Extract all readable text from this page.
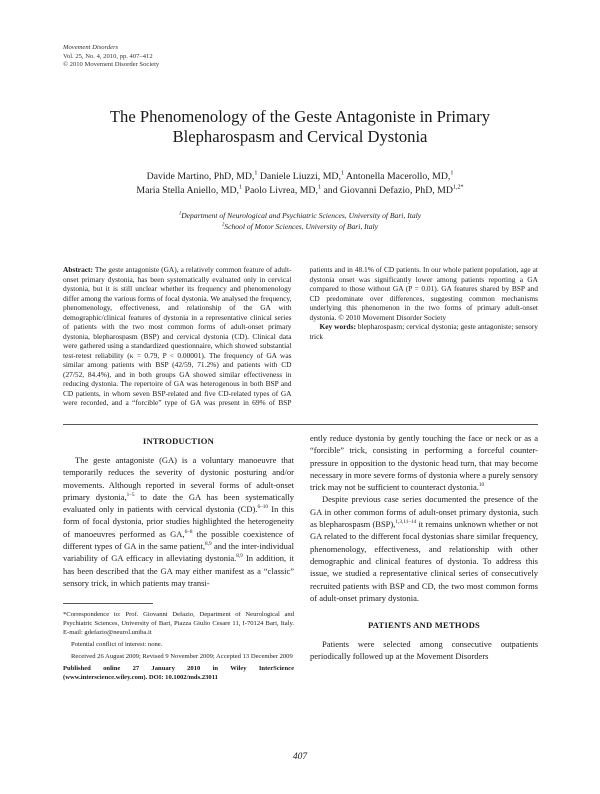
Movement Disorders
Vol. 25, No. 4, 2010, pp. 407–412
© 2010 Movement Disorder Society
The Phenomenology of the Geste Antagoniste in Primary Blepharospasm and Cervical Dystonia
Davide Martino, PhD, MD,$^1$ Daniele Liuzzi, MD,$^1$ Antonella Macerollo, MD,$^1$
Maria Stella Aniello, MD,$^1$ Paolo Livrea, MD,$^1$ and Giovanni Defazio, PhD, $MD^{1,2*}$
$^1$Department of Neurological and Psychiatric Sciences, University of Bari, Italy
$^2$School of Motor Sciences, University of Bari, Italy

Abstract: The geste antagoniste (GA), a relatively common feature of adult-onset primary dystonia, has been systematically evaluated only in cervical dystonia, but it is still unclear whether its frequency and phenomenology differ among the various forms of focal dystonia. We analysed the frequency, phenomenology, effectiveness, and relationship of the GA with demographic/clinical features of dystonia in a representative clinical series of patients with the two most common forms of adult-onset primary dystonia, blepharospasm (BSP) and cervical dystonia (CD). Clinical data were gathered using a standardized questionnaire, which showed substantial test-retest reliability (κ = 0.79, P < 0.00001). The frequency of GA was similar among patients with BSP (42/59, 71.2%) and patients with CD (27/52, 84.4%), and in both groups GA showed similar effectiveness in reducing dystonia. The repertoire of GA was heterogenous in both BSP and CD patients, in whom seven BSP-related and five CD-related types of GA were recorded, and a “forcible” type of GA was present in 69% of BSP patients and in 48.1% of CD patients. In our whole patient population, age at dystonia onset was significantly lower among patients reporting a GA compared to those without GA (P = 0.01). GA features shared by BSP and CD predominate over differences, suggesting common mechanisms underlying this phenomenon in the two forms of primary adult-onset dystonia. © 2010 Movement Disorder Society

Key words: blepharospasm; cervical dystonia; geste antagoniste; sensory trick

INTRODUCTION

The geste antagoniste (GA) is a voluntary manoeuvre that temporarily reduces the severity of dystonic posturing and/or movements. Although reported in several forms of adult-onset primary dystonia,$^{1-5}$ to date the GA has been systematically evaluated only in patients with cervical dystonia (CD).$^{6-10}$ In this form of focal dystonia, prior studies highlighted the heterogeneity of manoeuvres performed as GA,$^{6-8}$ the possible coexistence of different types of GA in the same patient,$^{8,9}$ and the inter-individual variability of GA efficacy in alleviating dystonia.$^{8,9}$ In addition, it has been described that the GA may either manifest as a “classic” sensory trick, in which patients may transi-

*Correspondence to: Prof. Giovanni Defazio, Department of Neurological and Psychiatric Sciences, University of Bari, Piazza Giulio Cesare 11, I-70124 Bari, Italy. E-mail: gdefazio@neurol.uniba.it

Potential conflict of interest: none.

Received 26 August 2009; Revised 9 November 2009; Accepted 13 December 2009

Published online 27 January 2010 in Wiley InterScience (www.interscience.wiley.com). DOI: 10.1002/mds.23011

ently reduce dystonia by gently touching the face or neck or as a “forcible” trick, consisting in performing a forceful counter-pressure in opposition to the dystonic head turn, that may become necessary in more severe forms of dystonia where a purely sensory trick may not be sufficient to counteract dystonia.$^{10}$

Despite previous case series documented the presence of the GA in other common forms of adult-onset primary dystonia, such as blepharospasm (BSP),$^{1,3,11-14}$ it remains unknown whether or not GA related to the different focal dystonias share similar frequency, phenomenology, effectiveness, and relationship with other demographic and clinical features of dystonia. To address this issue, we studied a representative clinical series of consecutively recruited patients with BSP and CD, the two most common forms of adult-onset primary dystonia.

PATIENTS AND METHODS

Patients were selected among consecutive outpatients periodically followed up at the Movement Disorders

407
